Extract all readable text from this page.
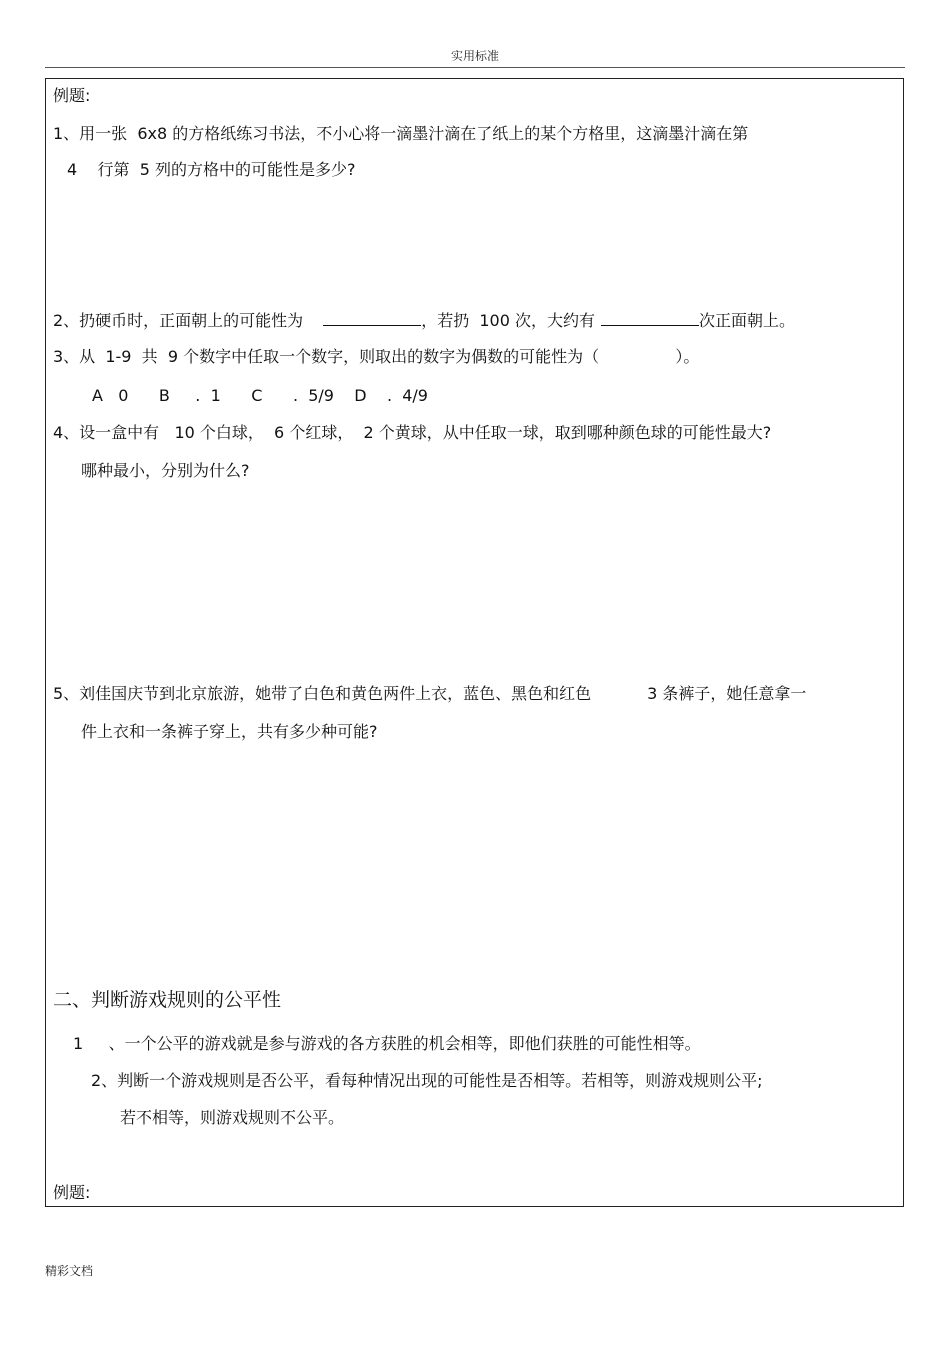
实用标准
例题:
1、用一张  6x8 的方格纸练习书法，不小心将一滴墨汁滴在了纸上的某个方格里，这滴墨汁滴在第
4    行第  5 列的方格中的可能性是多少?
2、扔硬币时，正面朝上的可能性为	，若扔  100 次，大约有	次正面朝上。
3、从  1-9  共  9 个数字中任取一个数字，则取出的数字为偶数的可能性为（               ）。
A   0      B     .  1      C      .  5/9    D    .  4/9
4、设一盒中有   10 个白球，  6 个红球，  2 个黄球，从中任取一球，取到哪种颜色球的可能性最大?
哪种最小，分别为什么?
5、刘佳国庆节到北京旅游，她带了白色和黄色两件上衣，蓝色、黑色和红色           3 条裤子，她任意拿一
件上衣和一条裤子穿上，共有多少种可能?
二、判断游戏规则的公平性
1     、一个公平的游戏就是参与游戏的各方获胜的机会相等，即他们获胜的可能性相等。
2、判断一个游戏规则是否公平，看每种情况出现的可能性是否相等。若相等，则游戏规则公平;
若不相等，则游戏规则不公平。
例题:
精彩文档
